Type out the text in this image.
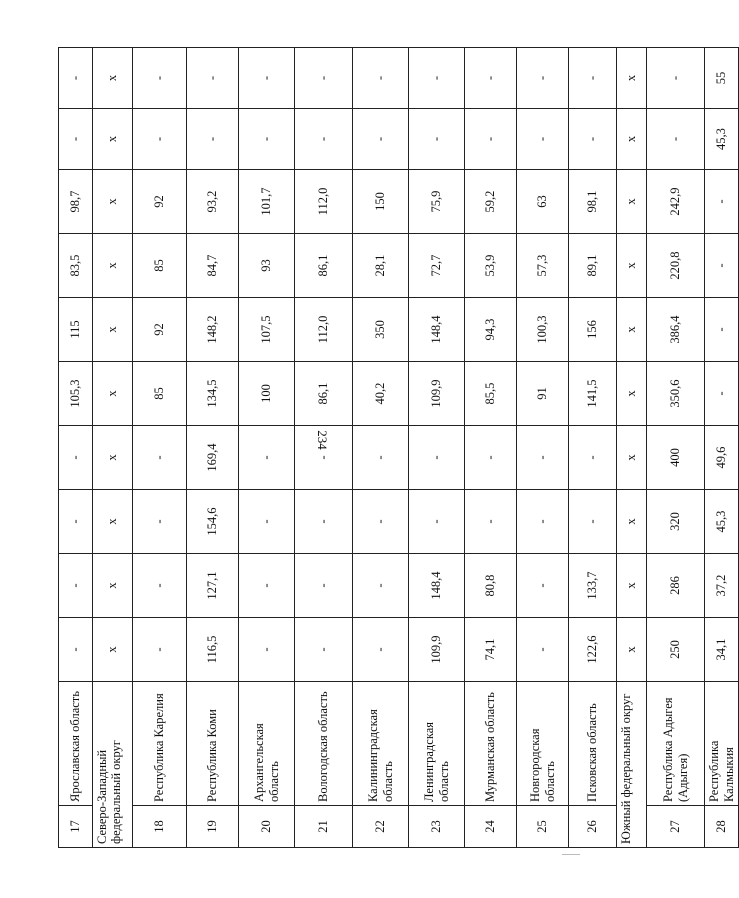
234
17	Ярославская область	-	-	-	-	105,3	115	83,5	98,7	-	-
Северо-Западный федеральный округ		x	x	x	x	x	x	x	x	x	x
18	Республика Карелия	-	-	-	-	85	92	85	92	-	-
19	Республика Коми	116,5	127,1	154,6	169,4	134,5	148,2	84,7	93,2	-	-
20	Архангельская область	-	-	-	-	100	107,5	93	101,7	-	-
21	Вологодская область	-	-	-	-	86,1	112,0	86,1	112,0	-	-
22	Калининградская область	-	-	-	-	40,2	350	28,1	150	-	-
23	Ленинградская область	109,9	148,4	-	-	109,9	148,4	72,7	75,9	-	-
24	Мурманская область	74,1	80,8	-	-	85,5	94,3	53,9	59,2	-	-
25	Новгородская область	-	-	-	-	91	100,3	57,3	63	-	-
26	Псковская область	122,6	133,7	-	-	141,5	156	89,1	98,1	-	-
Южный федеральный округ		x	x	x	x	x	x	x	x	x	x
27	Республика Адыгея (Адыгея)	250	286	320	400	350,6	386,4	220,8	242,9	-	-
28	Республика Калмыкия	34,1	37,2	45,3	49,6	-	-	-	-	45,3	55
